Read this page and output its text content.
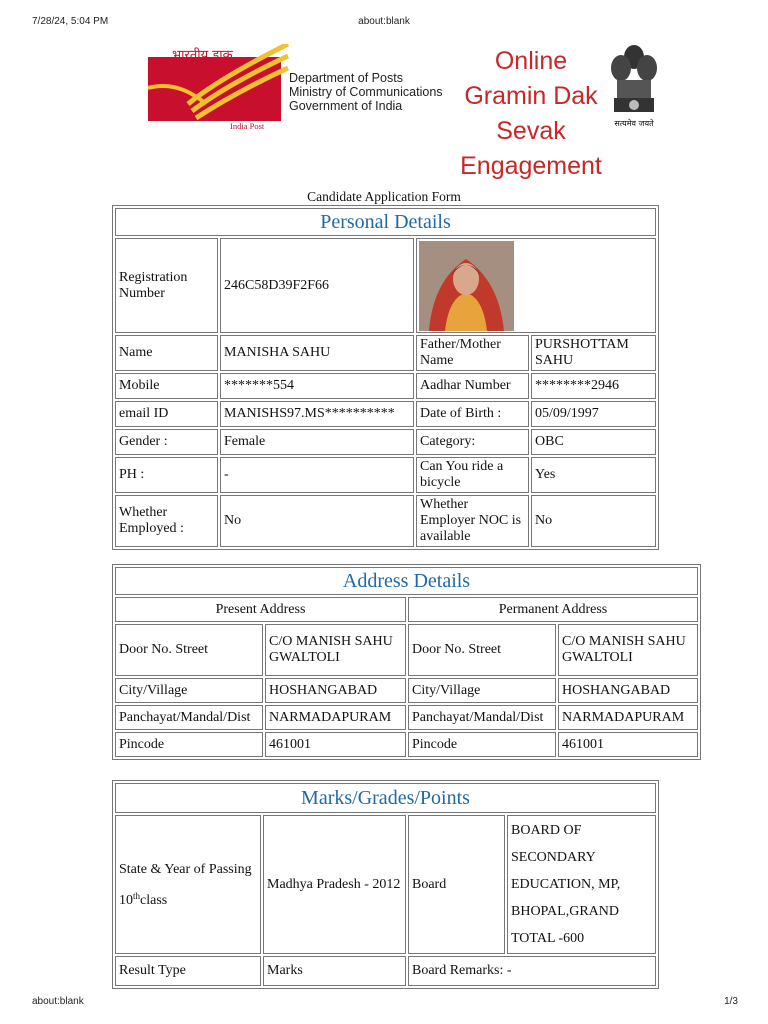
7/28/24, 5:04 PM	about:blank
भारतीय डाक
Department of Posts
Ministry of Communications
Government of India
India Post
Online
Gramin Dak
Sevak
Engagement
सत्यमेव जयते
Candidate Application Form
Personal Details			
Registration Number	246C58D39F2F66	

Name	MANISHA SAHU	Father/Mother Name	PURSHOTTAM SAHU
Mobile	*******554	Aadhar Number	********2946
email ID	MANISHS97.MS**********	Date of Birth :	05/09/1997
Gender :	Female	Category:	OBC
PH :	-	Can You ride a bicycle	Yes
Whether Employed :	No	Whether Employer NOC is available	No
Address Details			
Present Address		Permanent Address	
Door No. Street	C/O MANISH SAHU GWALTOLI	Door No. Street	C/O MANISH SAHU GWALTOLI
City/Village	HOSHANGABAD	City/Village	HOSHANGABAD
Panchayat/Mandal/Dist	NARMADAPURAM	Panchayat/Mandal/Dist	NARMADAPURAM
Pincode	461001	Pincode	461001
Marks/Grades/Points			
State & Year of Passing 10thclass	Madhya Pradesh - 2012	Board	BOARD OF SECONDARY EDUCATION, MP, BHOPAL,GRAND TOTAL -600
Result Type	Marks	Board Remarks: -	
about:blank	1/3
